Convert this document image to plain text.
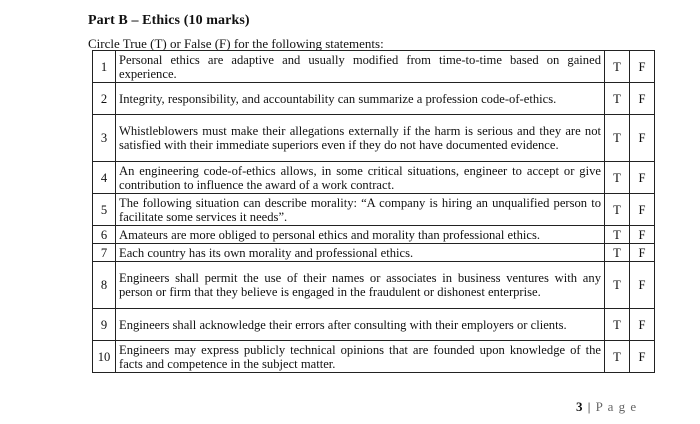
Part B – Ethics (10 marks)
Circle True (T) or False (F) for the following statements:
1	Personal ethics are adaptive and usually modified from time-to-time based on gained experience.	T	F
2	Integrity, responsibility, and accountability can summarize a profession code-of-ethics.	T	F
3	Whistleblowers must make their allegations externally if the harm is serious and they are not satisfied with their immediate superiors even if they do not have documented evidence.	T	F
4	An engineering code-of-ethics allows, in some critical situations, engineer to accept or give contribution to influence the award of a work contract.	T	F
5	The following situation can describe morality: “A company is hiring an unqualified person to facilitate some services it needs”.	T	F
6	Amateurs are more obliged to personal ethics and morality than professional ethics.	T	F
7	Each country has its own morality and professional ethics.	T	F
8	Engineers shall permit the use of their names or associates in business ventures with any person or firm that they believe is engaged in the fraudulent or dishonest enterprise.	T	F
9	Engineers shall acknowledge their errors after consulting with their employers or clients.	T	F
10	Engineers may express publicly technical opinions that are founded upon knowledge of the facts and competence in the subject matter.	T	F
3 | P a g e
